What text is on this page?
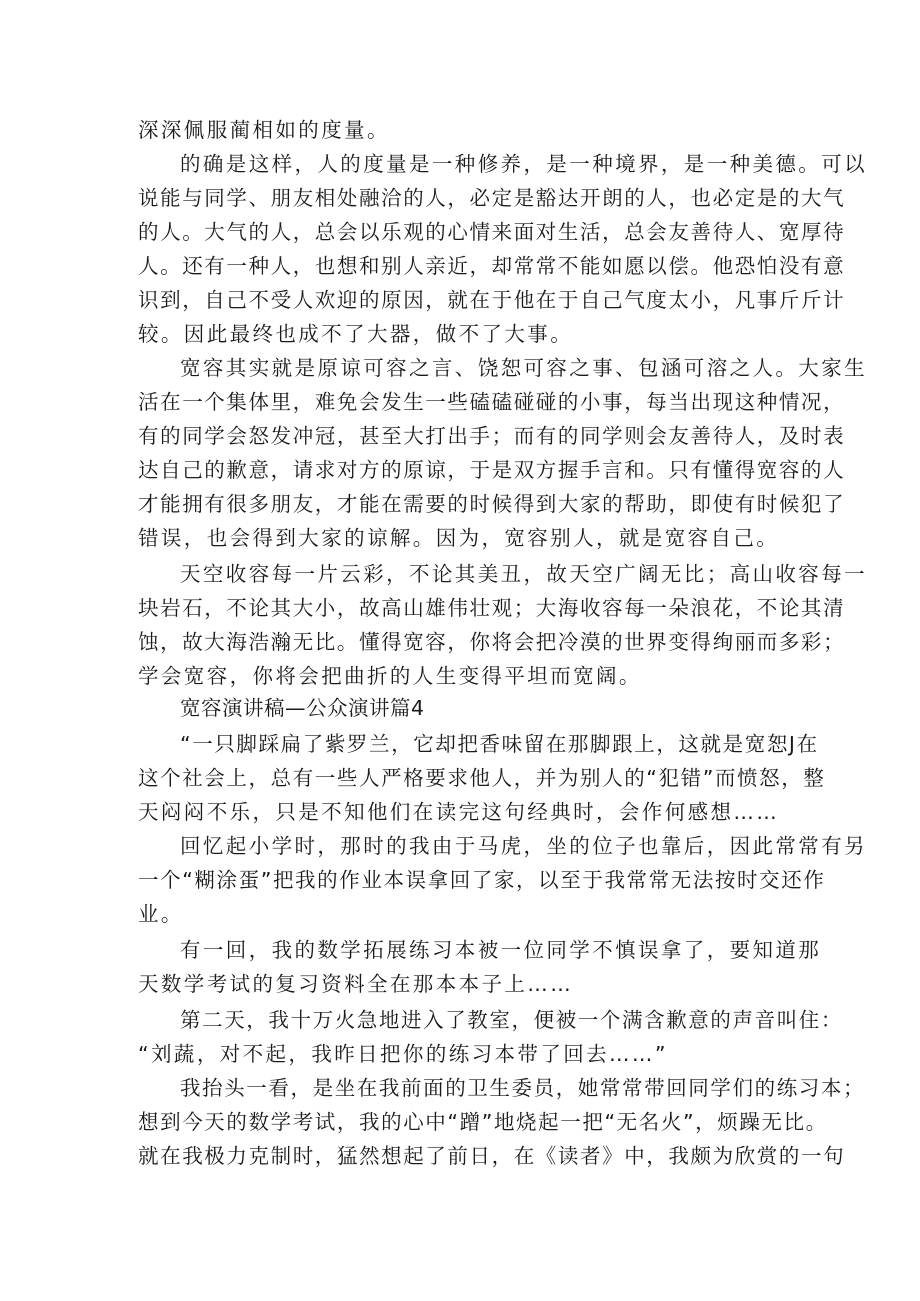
深深佩服蔺相如的度量。
的确是这样，人的度量是一种修养，是一种境界，是一种美德。可以
说能与同学、朋友相处融洽的人，必定是豁达开朗的人，也必定是的大气
的人。大气的人，总会以乐观的心情来面对生活，总会友善待人、宽厚待
人。还有一种人，也想和别人亲近，却常常不能如愿以偿。他恐怕没有意
识到，自己不受人欢迎的原因，就在于他在于自己气度太小，凡事斤斤计
较。因此最终也成不了大器，做不了大事。
宽容其实就是原谅可容之言、饶恕可容之事、包涵可溶之人。大家生
活在一个集体里，难免会发生一些磕磕碰碰的小事，每当出现这种情况，
有的同学会怒发冲冠，甚至大打出手；而有的同学则会友善待人，及时表
达自己的歉意，请求对方的原谅，于是双方握手言和。只有懂得宽容的人
才能拥有很多朋友，才能在需要的时候得到大家的帮助，即使有时候犯了
错误，也会得到大家的谅解。因为，宽容别人，就是宽容自己。
天空收容每一片云彩，不论其美丑，故天空广阔无比；高山收容每一
块岩石，不论其大小，故高山雄伟壮观；大海收容每一朵浪花，不论其清
蚀，故大海浩瀚无比。懂得宽容，你将会把冷漠的世界变得绚丽而多彩；
学会宽容，你将会把曲折的人生变得平坦而宽阔。
宽容演讲稿—公众演讲篇4
“一只脚踩扁了紫罗兰，它却把香味留在那脚跟上，这就是宽恕J在
这个社会上，总有一些人严格要求他人，并为别人的“犯错”而愤怒，整
天闷闷不乐，只是不知他们在读完这句经典时，会作何感想……
回忆起小学时，那时的我由于马虎，坐的位子也靠后，因此常常有另
一个“糊涂蛋”把我的作业本误拿回了家，以至于我常常无法按时交还作
业。
有一回，我的数学拓展练习本被一位同学不慎误拿了，要知道那
天数学考试的复习资料全在那本本子上……
第二天，我十万火急地进入了教室，便被一个满含歉意的声音叫住：
“刘蔬，对不起，我昨日把你的练习本带了回去……”
我抬头一看，是坐在我前面的卫生委员，她常常带回同学们的练习本；
想到今天的数学考试，我的心中“蹭”地烧起一把“无名火”，烦躁无比。
就在我极力克制时，猛然想起了前日，在《读者》中，我颇为欣赏的一句
